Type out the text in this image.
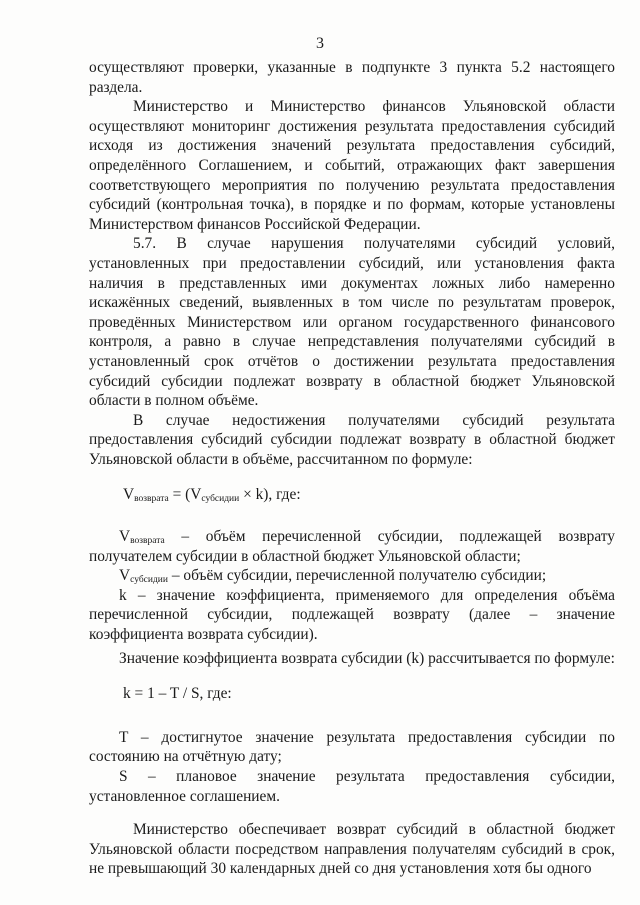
3

осуществляют проверки, указанные в подпункте 3 пункта 5.2 настоящего раздела.

Министерство и Министерство финансов Ульяновской области осуществляют мониторинг достижения результата предоставления субсидий исходя из достижения значений результата предоставления субсидий, определённого Соглашением, и событий, отражающих факт завершения соответствующего мероприятия по получению результата предоставления субсидий (контрольная точка), в порядке и по формам, которые установлены Министерством финансов Российской Федерации.

5.7. В случае нарушения получателями субсидий условий, установленных при предоставлении субсидий, или установления факта наличия в представленных ими документах ложных либо намеренно искажённых сведений, выявленных в том числе по результатам проверок, проведённых Министерством или органом государственного финансового контроля, а равно в случае непредставления получателями субсидий в установленный срок отчётов о достижении результата предоставления субсидий субсидии подлежат возврату в областной бюджет Ульяновской области в полном объёме.

В случае недостижения получателями субсидий результата предоставления субсидий субсидии подлежат возврату в областной бюджет Ульяновской области в объёме, рассчитанном по формуле:

$V_{возврата} = (V_{субсидии} \times k)$, где:

$V_{возврата}$ – объём перечисленной субсидии, подлежащей возврату получателем субсидии в областной бюджет Ульяновской области;

$V_{субсидии}$ – объём субсидии, перечисленной получателю субсидии;

k – значение коэффициента, применяемого для определения объёма перечисленной субсидии, подлежащей возврату (далее – значение коэффициента возврата субсидии).

Значение коэффициента возврата субсидии (k) рассчитывается по формуле:

k = 1 – T / S, где:

T – достигнутое значение результата предоставления субсидии по состоянию на отчётную дату;

S – плановое значение результата предоставления субсидии, установленное соглашением.

Министерство обеспечивает возврат субсидий в областной бюджет Ульяновской области посредством направления получателям субсидий в срок, не превышающий 30 календарных дней со дня установления хотя бы одного
